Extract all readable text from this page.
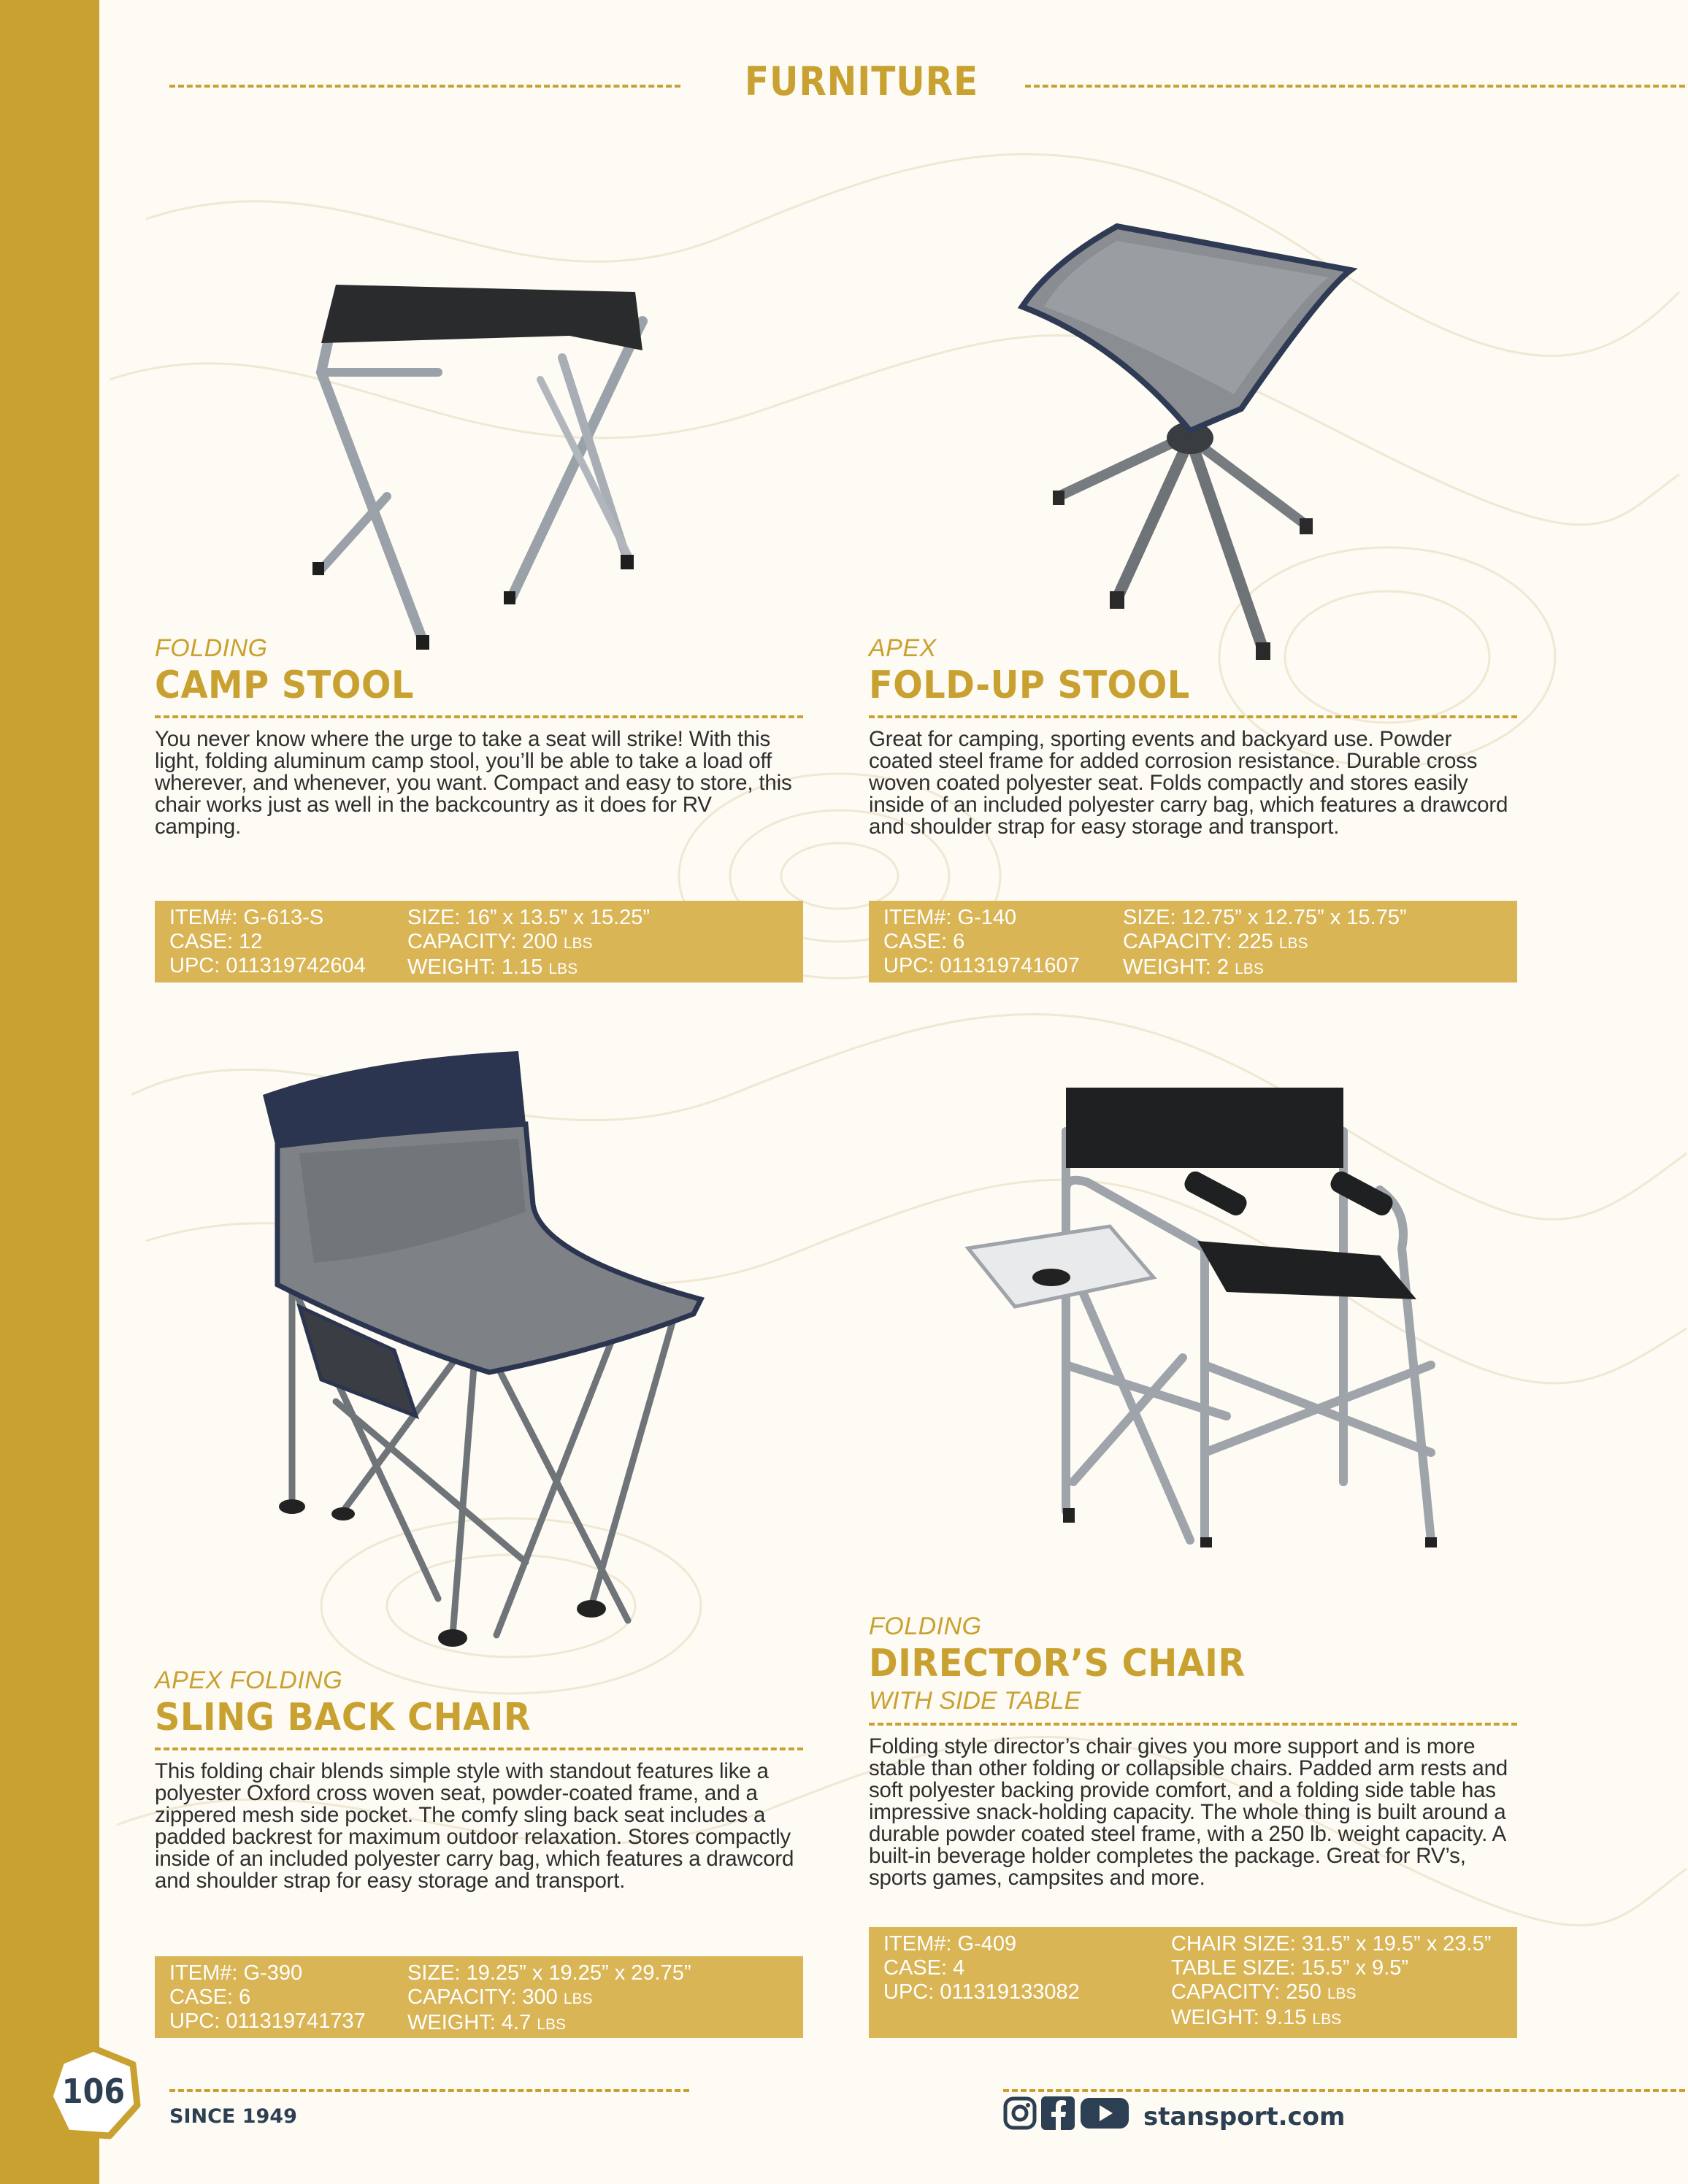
FURNITURE
FOLDING
CAMP STOOL
You never know where the urge to take a seat will strike! With this light, folding aluminum camp stool, you’ll be able to take a load off wherever, and whenever, you want. Compact and easy to store, this chair works just as well in the backcountry as it does for RV camping.
ITEM#: G-613-S
CASE: 12
UPC: 011319742604
SIZE: 16” x 13.5” x 15.25”
CAPACITY: 200 LBS
WEIGHT: 1.15 LBS
APEX
FOLD-UP STOOL
Great for camping, sporting events and backyard use. Powder coated steel frame for added corrosion resistance. Durable cross woven coated polyester seat. Folds compactly and stores easily inside of an included polyester carry bag, which features a drawcord and shoulder strap for easy storage and transport.
ITEM#: G-140
CASE: 6
UPC: 011319741607
SIZE: 12.75” x 12.75” x 15.75”
CAPACITY: 225 LBS
WEIGHT: 2 LBS
APEX FOLDING
SLING BACK CHAIR
This folding chair blends simple style with standout features like a polyester Oxford cross woven seat, powder-coated frame, and a zippered mesh side pocket. The comfy sling back seat includes a padded backrest for maximum outdoor relaxation. Stores compactly inside of an included polyester carry bag, which features a drawcord and shoulder strap for easy storage and transport.
ITEM#: G-390
CASE: 6
UPC: 011319741737
SIZE: 19.25” x 19.25” x 29.75”
CAPACITY: 300 LBS
WEIGHT: 4.7 LBS
FOLDING
DIRECTOR’S CHAIR
WITH SIDE TABLE
Folding style director’s chair gives you more support and is more stable than other folding or collapsible chairs. Padded arm rests and soft polyester backing provide comfort, and a folding side table has impressive snack-holding capacity. The whole thing is built around a durable powder coated steel frame, with a 250 lb. weight capacity. A built-in beverage holder completes the package. Great for RV’s, sports games, campsites and more.
ITEM#: G-409
CASE: 4
UPC: 011319133082
CHAIR SIZE: 31.5” x 19.5” x 23.5”
TABLE SIZE: 15.5” x 9.5”
CAPACITY: 250 LBS
WEIGHT: 9.15 LBS
106
SINCE 1949	stansport.com
